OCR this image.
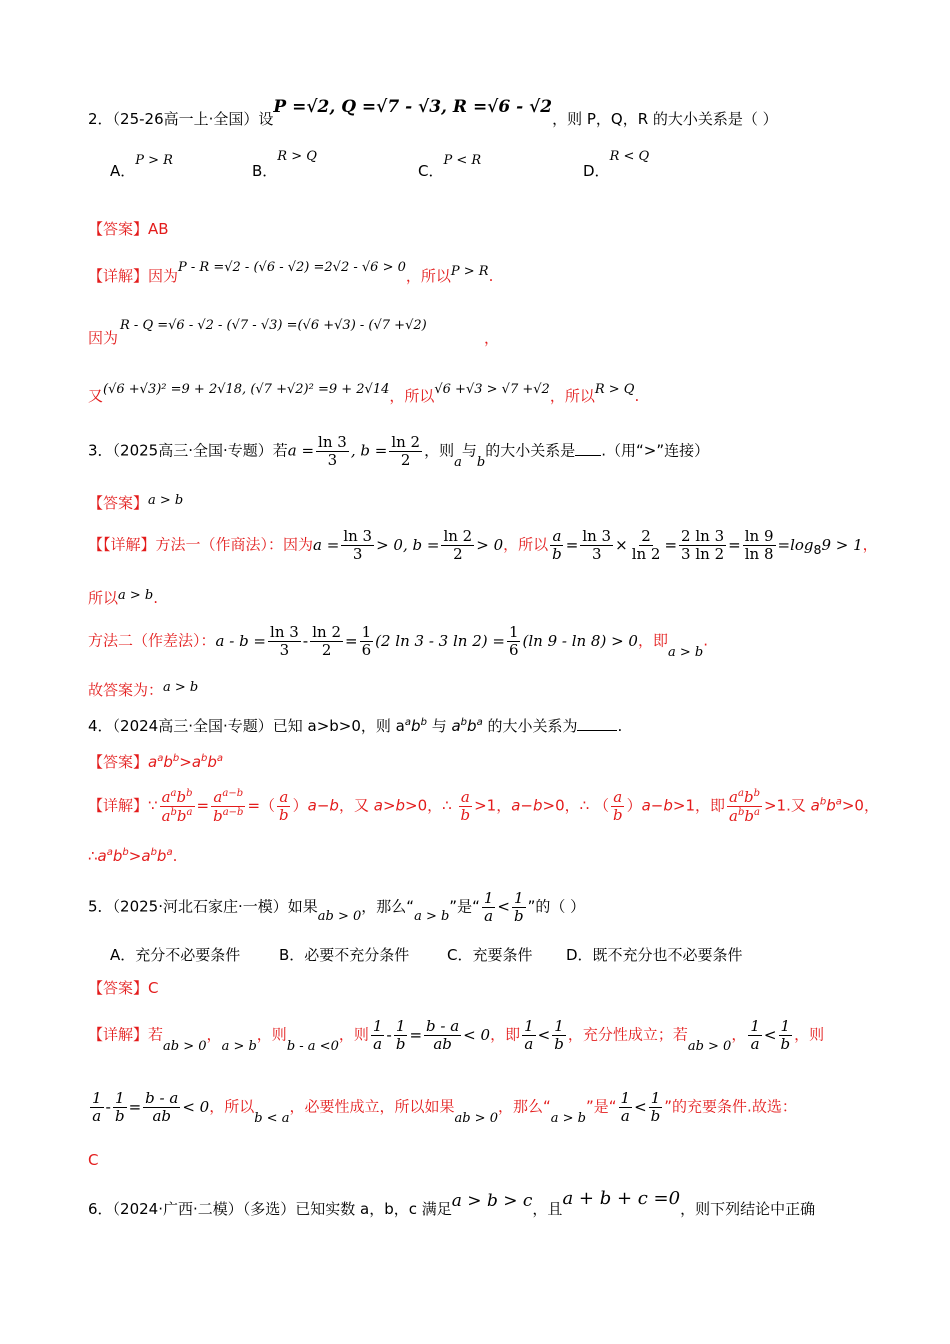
2．（25-26高一上·全国）设P =√2, Q =√7 - √3, R =√6 - √2，则 P，Q，R 的大小关系是（ ）
A．P > R
B．R > Q
C．P < R
D．R < Q
【答案】AB
【详解】因为P - R =√2 - (√6 - √2) =2√2 - √6 > 0，所以P > R.
R - Q =√6 - √2 - (√7 - √3) =(√6 +√3) - (√7 +√2)
因为	，
又(√6 +√3)² =9 + 2√18, (√7 +√2)² =9 + 2√14，所以√6 +√3 > √7 +√2，所以R > Q.
3．（2025高三·全国·专题）若$a = \frac{\ln 3}{3}$ , $b = \frac{\ln 2}{2}$ ，则a与b的大小关系是 .（用“>”连接）
【答案】a > b
【【详解】方法一（作商法）：因为$a = \frac{\ln 3}{3} > 0$, $b = \frac{\ln 2}{2} > 0$，所以 $\frac{a}{b} = \frac{\ln 3}{3} \times \frac{2}{\ln 2} = \frac{2 \ln 3}{3 \ln 2} = \frac{\ln 9}{\ln 8} =\log_89 > 1$，
所以a > b.
方法二（作差法）：$a - b = \frac{\ln 3}{3} - \frac{\ln 2}{2} = \frac{1}{6} (2$ ln 3 - 3 $\ln 2) = \frac{1}{6} (\ln$ 9 - ln 8) > 0，即a > b.
故答案为：a > b
4．（2024高三·全国·专题）已知 a>b>0，则 $a^ab^b$ 与 $a^bb^a$ 的大小关系为	.
【答案】$a^ab^b>a^bb^a$
【详解】∵ $\frac{a^ab^b}{a^bb^a} = \frac{a^{a-b}}{b^{a-b}}$ =（ $\frac{a}{b} )a-b$，又 a>b>0，∴ $\frac{a}{b} >1$，a−b>0，∴ （ $\frac{a}{b} )a-b>1$，即 $\frac{a^ab^b}{a^bb^a} >1$.又 $a^bb^a>0$，
$\therefore a^ab^b>a^bb^a$.
5．（2025·河北石家庄·一模）如果ab > 0，那么“a > b”是“ $\frac{1}{a} < \frac{1}{b}$ ”的（ ）
A．充分不必要条件	B．必要不充分条件	C．充要条件 D．既不充分也不必要条件
【答案】C
【详解】若ab > 0，a > b，则b - a <0，则 $\frac{1}{a} - \frac{1}{b} = \frac{b - a}{ab} < 0$，即 $\frac{1}{a} < \frac{1}{b}$ ，充分性成立；若ab > 0， $\frac{1}{a} < \frac{1}{b}$ ，则
$\frac{1}{a} - \frac{1}{b} = \frac{b - a}{ab} < 0$，所以b < a，必要性成立，所以如果ab > 0，那么“a > b”是“ $\frac{1}{a} < \frac{1}{b}$ ”的充要条件.故选：
C
6．（2024·广西·二模）（多选）已知实数 a，b，c 满足a > b > c，且a + b + c =0，则下列结论中正确
